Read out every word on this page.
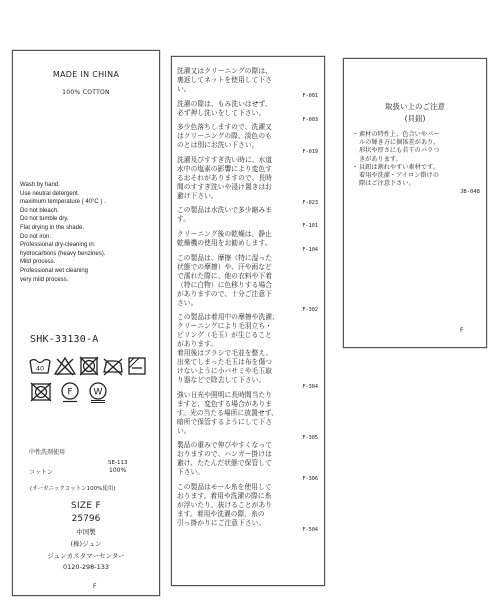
MADE IN CHINA
100% COTTON
Wash by hand.
Use neutral detergent.
maximum temperature ( 40°C ) .
Do not bleach.
Do not tumble dry.
Flat drying in the shade.
Do not iron.
Professional dry-cleaning in:
hydrocarbons (heavy benzines).
Mild process.
Professional wet cleaning
very mild process.
SHK-33130-A
40
F W
中性洗剤使用
SE-113
コットン	100%
(オーガニックコットン100%使用)
SIZE F
25796
中国製
(株)ジュン
ジュンカスタマーセンター
0120-298-133
F
洗濯又はクリーニングの際は、
裏返してネットを使用して下さ
い。
F-001
洗濯の際は、もみ洗いはせず、
必ず押し洗いをして下さい。
F-003
多少色落ちしますので、洗濯又
はクリーニングの際、淡色のも
のとは別にお洗い下さい。
F-019
洗濯及びすすぎ洗い時に、水道
水中の塩素の影響により変色す
るおそれがありますので、長時
間のすすぎ洗いや浸け置きはお
避け下さい。
F-023
この製品は水洗いで多少縮みま
す。
F-101
クリーニング後の乾燥は、静止
乾燥機の使用をお勧めします。
F-104
この製品は、摩擦（特に湿った
状態での摩擦）や、汗や雨など
で濡れた際に、他の衣料や下着
（特に白物）に色移りする場合
がありますので、十分ご注意下
さい。
F-302
この製品は着用中の摩擦や洗濯、
クリーニングにより毛羽立ち・
ピリング（毛玉）が生じること
があります。
着用後はブラシで毛並を整え、
出来てしまった毛玉は布を傷つ
けないように小バサミや毛玉取
り器などで除去して下さい。
F-304
強い日光や照明に長時間当たり
ますと、変色する場合がありま
す。光の当たる場所に放置せず、
暗所で保管するようにして下さ
い。
F-305
製品の重みで伸びやすくなって
おりますので、ハンガー掛けは
避け、たたんだ状態で保管して
下さい。
F-306
この製品はモール糸を使用して
おります。着用や洗濯の際に糸
が浮いたり、抜けることがあり
ます。着用や洗濯の際、糸の
引っ掛かりにご注意下さい。
F-504
取扱い上のご注意
(貝鈕)
・ 素材の特性上、色合いやパー
ルの輝き方に個体差があり、
形状や厚さにも若干のバラつ
きがあります。
・ 貝鈕は割れやすい素材です。
着用や洗濯・アイロン掛けの
際はご注意下さい。
JB-048
F
